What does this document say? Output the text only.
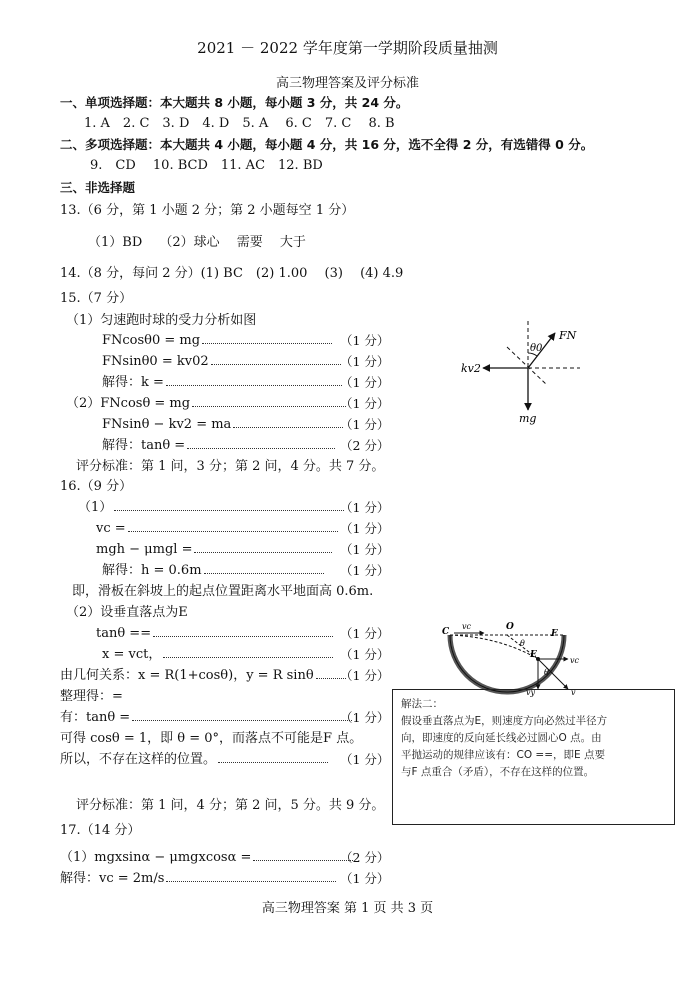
2021 － 2022 学年度第一学期阶段质量抽测
高三物理答案及评分标准
一、单项选择题：本大题共 8 小题，每小题 3 分，共 24 分。
1. A　2. C　3. D　4. D　5. A　 6. C　7. C　 8. B
二、多项选择题：本大题共 4 小题，每小题 4 分，共 16 分，选不全得 2 分，有选错得 0 分。
9.　CD　 10. BCD　11. AC　12. BD
三、非选择题
13.（6 分，第 1 小题 2 分；第 2 小题每空 1 分）
（1）BD　 （2）球心　 需要　 大于
14.（8 分，每问 2 分）(1) BC　(2) 1.00　 (3)　 (4) 4.9
15.（7 分）
（1）匀速跑时球的受力分析如图
FNcosθ0 = mg	（1 分）
FNsinθ0 = kv02	（1 分）
解得：k =	（1 分）
（2）FNcosθ = mg	（1 分）
FNsinθ − kv2 = ma	（1 分）
解得：tanθ =	（2 分）
评分标准：第 1 问，3 分；第 2 问，4 分。共 7 分。
FN
θ0
kv2
mg
16.（9 分）
（1）	（1 分）
vc =	（1 分）
mgh − μmgl =	（1 分）
解得：h = 0.6m	（1 分）
即，滑板在斜坡上的起点位置距离水平地面高 0.6m.
（2）设垂直落点为E
tanθ ==	（1 分）
x = vct，	（1 分）
由几何关系：x = R(1+cosθ)，y = R sinθ	（1 分）
整理得：=
有：tanθ =	（1 分）
可得 cosθ = 1，即 θ = 0°，而落点不可能是F 点。
所以，不存在这样的位置。	（1 分）
评分标准：第 1 问，4 分；第 2 问，5 分。共 9 分。
C
vc	O
F
E
θ
θ
vc
vy	v
解法二：
假设垂直落点为E，则速度方向必然过半径方
向，即速度的反向延长线必过圆心O 点。由
平抛运动的规律应该有：CO ==，即E 点要
与F 点重合（矛盾），不存在这样的位置。
17.（14 分）
（1）mgxsinα − μmgxcosα =	（2 分）
解得：vc = 2m/s	（1 分）
高三物理答案 第 1 页 共 3 页
